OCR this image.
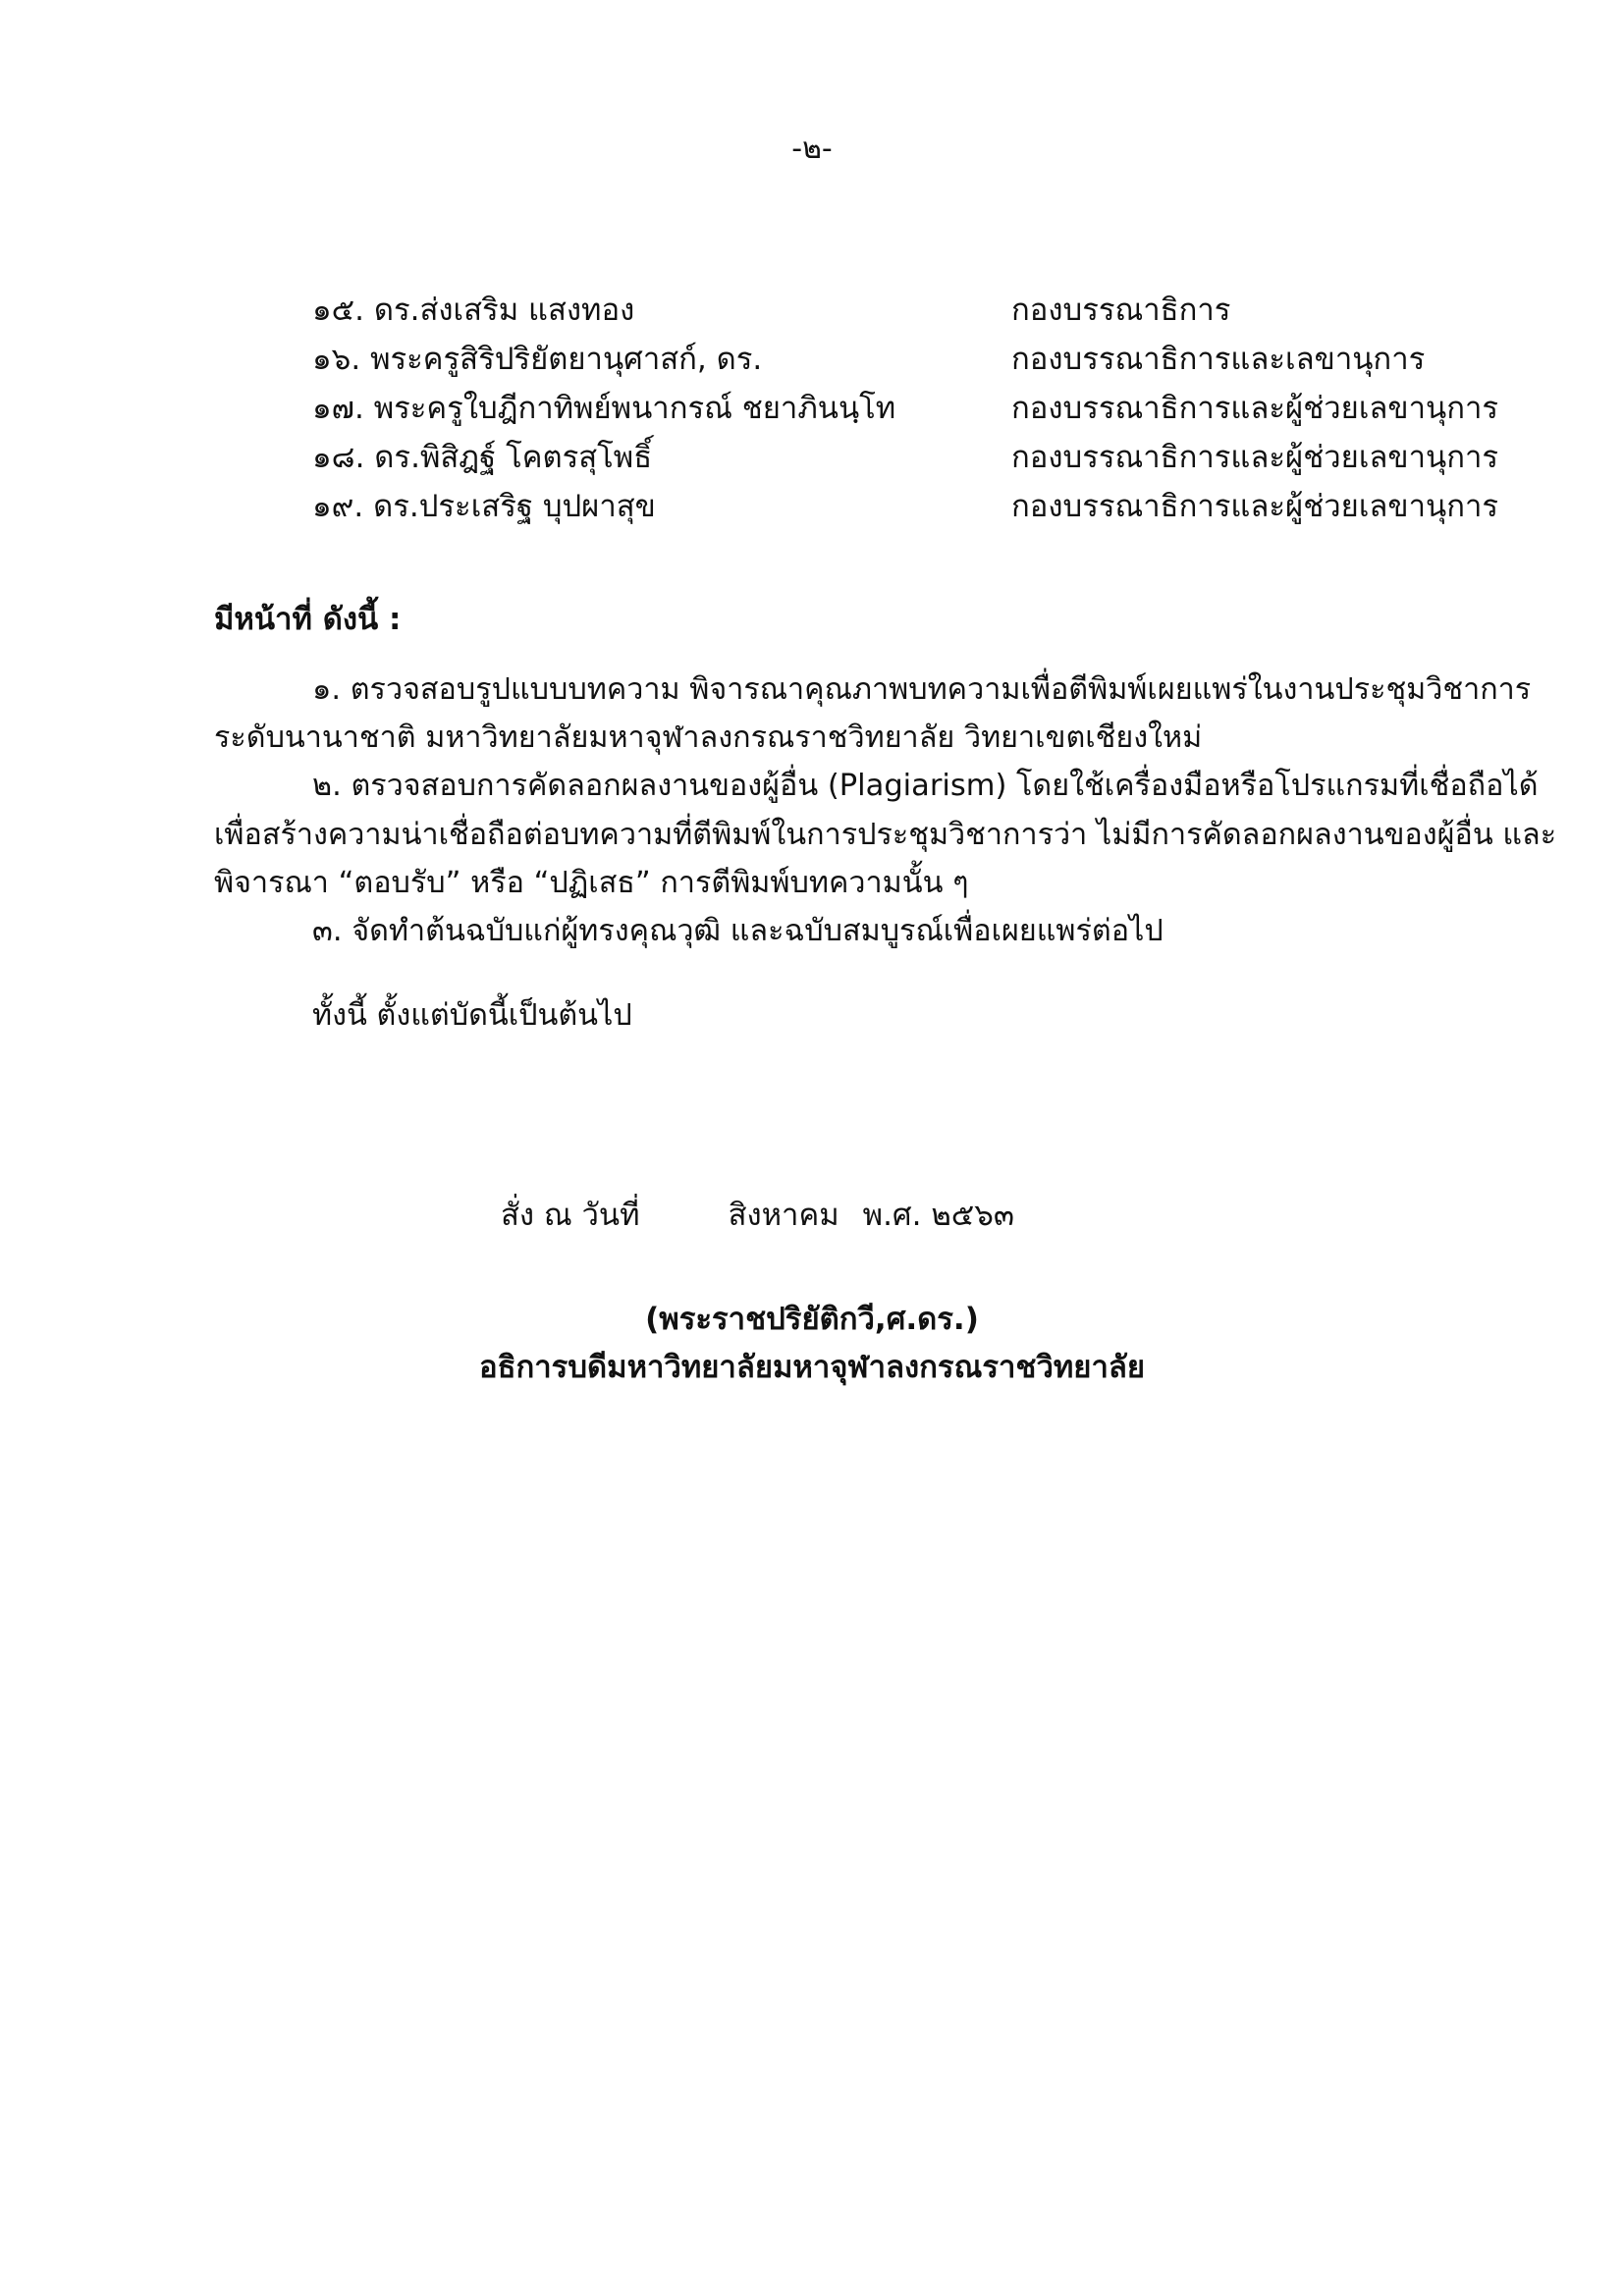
-๒-
๑๕. ดร.ส่งเสริม แสงทอง	กองบรรณาธิการ
๑๖. พระครูสิริปริยัตยานุศาสก์, ดร.	กองบรรณาธิการและเลขานุการ
๑๗. พระครูใบฎีกาทิพย์พนากรณ์ ชยาภินนฺโท	กองบรรณาธิการและผู้ช่วยเลขานุการ
๑๘. ดร.พิสิฎฐ์ โคตรสุโพธิ์	กองบรรณาธิการและผู้ช่วยเลขานุการ
๑๙. ดร.ประเสริฐ บุปผาสุข	กองบรรณาธิการและผู้ช่วยเลขานุการ
มีหน้าที่ ดังนี้ :
๑. ตรวจสอบรูปแบบบทความ พิจารณาคุณภาพบทความเพื่อตีพิมพ์เผยแพร่ในงานประชุมวิชาการ
ระดับนานาชาติ มหาวิทยาลัยมหาจุฬาลงกรณราชวิทยาลัย วิทยาเขตเชียงใหม่
๒. ตรวจสอบการคัดลอกผลงานของผู้อื่น (Plagiarism) โดยใช้เครื่องมือหรือโปรแกรมที่เชื่อถือได้
เพื่อสร้างความน่าเชื่อถือต่อบทความที่ตีพิมพ์ในการประชุมวิชาการว่า ไม่มีการคัดลอกผลงานของผู้อื่น และ
พิจารณา “ตอบรับ” หรือ “ปฏิเสธ” การตีพิมพ์บทความนั้น ๆ
๓. จัดทำต้นฉบับแก่ผู้ทรงคุณวุฒิ และฉบับสมบูรณ์เพื่อเผยแพร่ต่อไป
ทั้งนี้ ตั้งแต่บัดนี้เป็นต้นไป
สั่ง ณ วันที่	สิงหาคม พ.ศ. ๒๕๖๓
(พระราชปริยัติกวี,ศ.ดร.)
อธิการบดีมหาวิทยาลัยมหาจุฬาลงกรณราชวิทยาลัย
